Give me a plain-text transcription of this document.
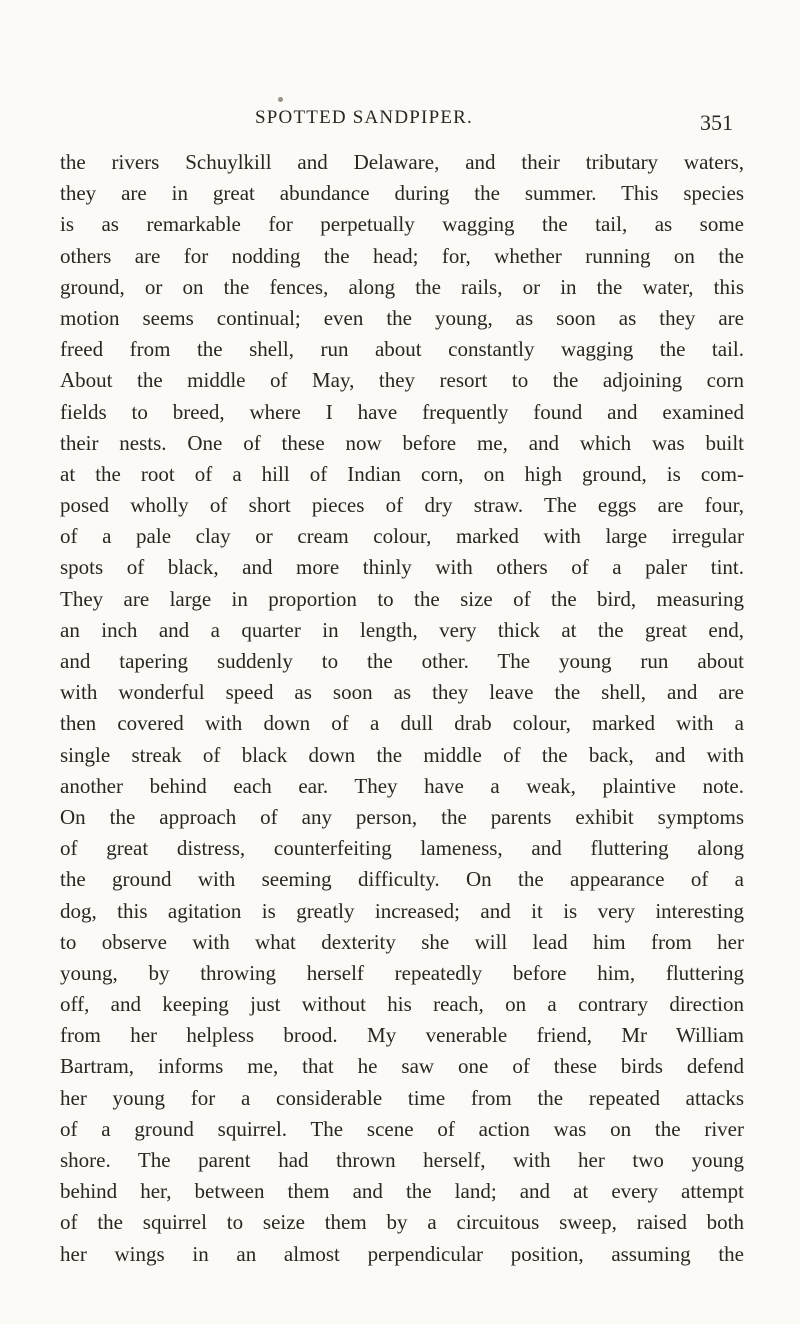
SPOTTED SANDPIPER.	351
the rivers Schuylkill and Delaware, and their tributary waters,
they are in great abundance during the summer. This species
is as remarkable for perpetually wagging the tail, as some
others are for nodding the head; for, whether running on the
ground, or on the fences, along the rails, or in the water, this
motion seems continual; even the young, as soon as they are
freed from the shell, run about constantly wagging the tail.
About the middle of May, they resort to the adjoining corn
fields to breed, where I have frequently found and examined
their nests. One of these now before me, and which was built
at the root of a hill of Indian corn, on high ground, is com-
posed wholly of short pieces of dry straw. The eggs are four,
of a pale clay or cream colour, marked with large irregular
spots of black, and more thinly with others of a paler tint.
They are large in proportion to the size of the bird, measuring
an inch and a quarter in length, very thick at the great end,
and tapering suddenly to the other. The young run about
with wonderful speed as soon as they leave the shell, and are
then covered with down of a dull drab colour, marked with a
single streak of black down the middle of the back, and with
another behind each ear. They have a weak, plaintive note.
On the approach of any person, the parents exhibit symptoms
of great distress, counterfeiting lameness, and fluttering along
the ground with seeming difficulty. On the appearance of a
dog, this agitation is greatly increased; and it is very interesting
to observe with what dexterity she will lead him from her
young, by throwing herself repeatedly before him, fluttering
off, and keeping just without his reach, on a contrary direction
from her helpless brood. My venerable friend, Mr William
Bartram, informs me, that he saw one of these birds defend
her young for a considerable time from the repeated attacks
of a ground squirrel. The scene of action was on the river
shore. The parent had thrown herself, with her two young
behind her, between them and the land; and at every attempt
of the squirrel to seize them by a circuitous sweep, raised both
her wings in an almost perpendicular position, assuming the
